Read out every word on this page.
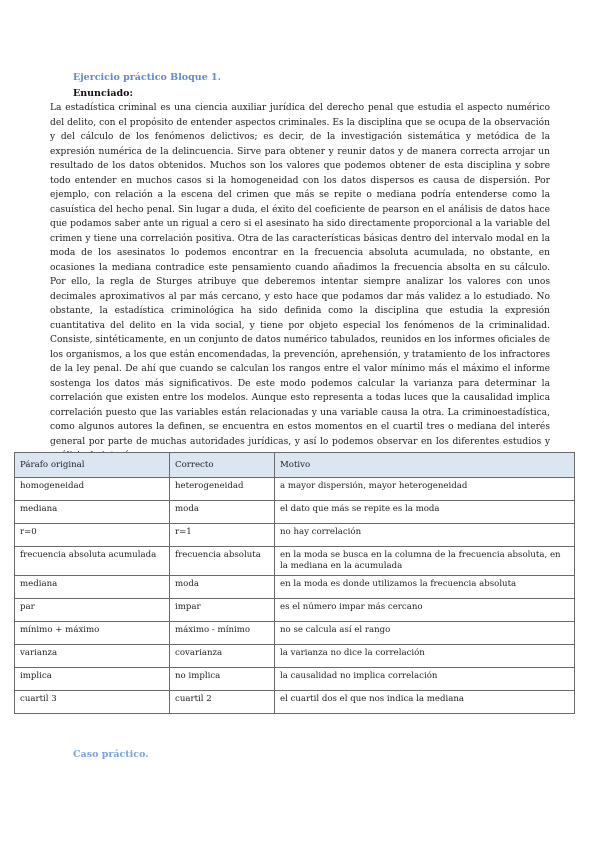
Ejercicio práctico Bloque 1.
Enunciado:

La estadística criminal es una ciencia auxiliar jurídica del derecho penal que estudia el aspecto numérico del delito, con el propósito de entender aspectos criminales. Es la disciplina que se ocupa de la observación y del cálculo de los fenómenos delictivos; es decir, de la investigación sistemática y metódica de la expresión numérica de la delincuencia. Sirve para obtener y reunir datos y de manera correcta arrojar un resultado de los datos obtenidos. Muchos son los valores que podemos obtener de esta disciplina y sobre todo entender en muchos casos si la homogeneidad con los datos dispersos es causa de dispersión. Por ejemplo, con relación a la escena del crimen que más se repite o mediana podría entenderse como la casuística del hecho penal. Sin lugar a duda, el éxito del coeficiente de pearson en el análisis de datos hace que podamos saber ante un rigual a cero si el asesinato ha sido directamente proporcional a la variable del crimen y tiene una correlación positiva. Otra de las características básicas dentro del intervalo modal en la moda de los asesinatos lo podemos encontrar en la frecuencia absoluta acumulada, no obstante, en ocasiones la mediana contradice este pensamiento cuando añadimos la frecuencia absolta en su cálculo. Por ello, la regla de Sturges atribuye que deberemos intentar siempre analizar los valores con unos decimales aproximativos al par más cercano, y esto hace que podamos dar más validez a lo estudiado. No obstante, la estadística criminológica ha sido definida como la disciplina que estudia la expresión cuantitativa del delito en la vida social, y tiene por objeto especial los fenómenos de la criminalidad. Consiste, sintéticamente, en un conjunto de datos numérico tabulados, reunidos en los informes oficiales de los organismos, a los que están encomendadas, la prevención, aprehensión, y tratamiento de los infractores de la ley penal. De ahí que cuando se calculan los rangos entre el valor mínimo más el máximo el informe sostenga los datos más significativos. De este modo podemos calcular la varianza para determinar la correlación que existen entre los modelos. Aunque esto representa a todas luces que la causalidad implica correlación puesto que las variables están relacionadas y una variable causa la otra. La criminoestadística, como algunos autores la definen, se encuentra en estos momentos en el cuartil tres o mediana del interés general por parte de muchas autoridades jurídicas, y así lo podemos observar en los diferentes estudios y

Párafo original	Correcto	Motivo
homogeneidad	heterogeneidad	a mayor dispersión, mayor heterogeneidad
mediana	moda	el dato que más se repite es la moda
r=0	r=1	no hay correlación
frecuencia absoluta acumulada	frecuencia absoluta	en la moda se busca en la columna de la frecuencia absoluta, en la mediana en la acumulada
mediana	moda	en la moda es donde utilizamos la frecuencia absoluta
par	impar	es el número impar más cercano
mínimo + máximo	máximo - mínimo	no se calcula así el rango
varianza	covarianza	la varianza no dice la correlación
implica	no implica	la causalidad no implica correlación
cuartil 3	cuartil 2	el cuartil dos el que nos indica la mediana
Caso práctico.
